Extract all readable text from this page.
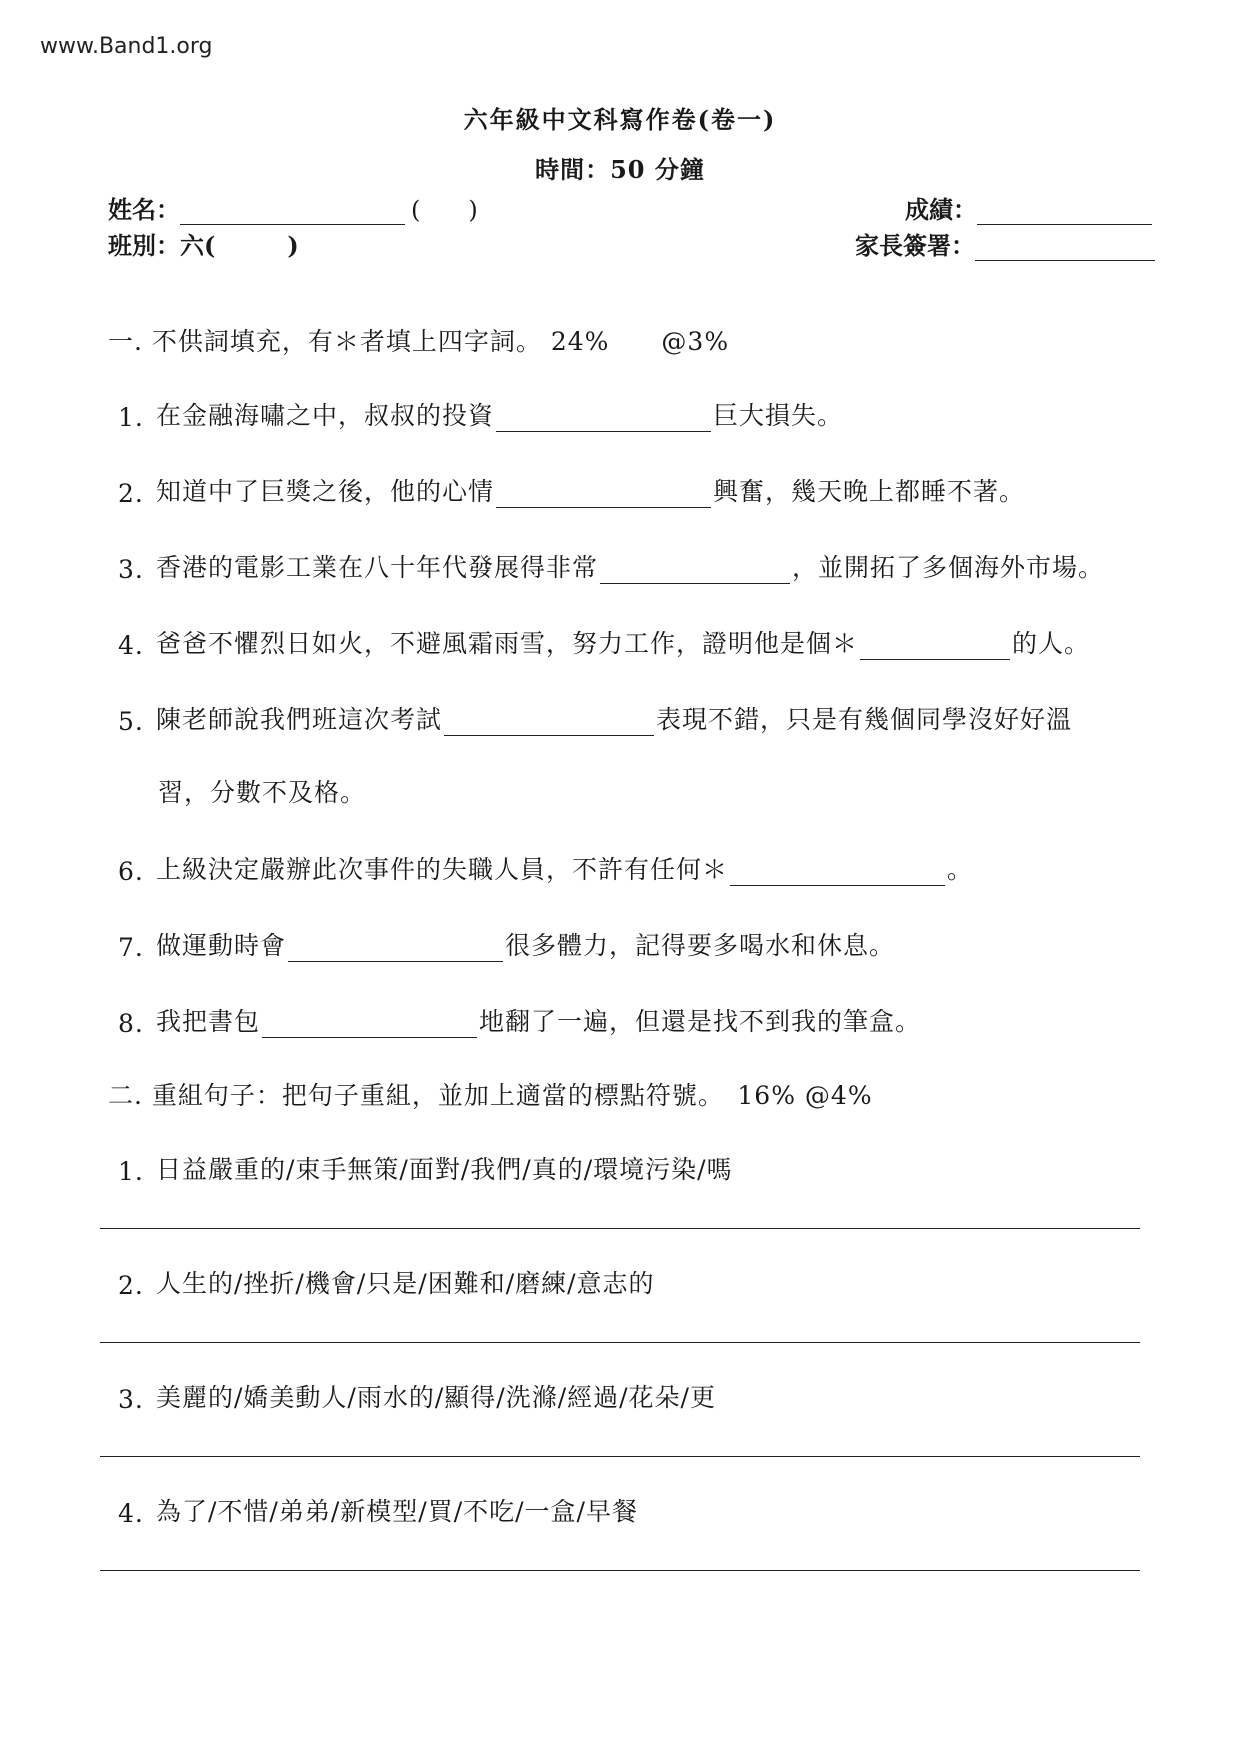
www.Band1.org
六年級中文科寫作卷(卷一)
時間：50 分鐘
姓名：	(　　)
班別：六(　　　)
成績：
家長簽署：
一. 不供詞填充，有＊者填上四字詞。 24%　　@3%
1. 在金融海嘯之中，叔叔的投資	巨大損失。
2. 知道中了巨獎之後，他的心情	興奮，幾天晚上都睡不著。
3. 香港的電影工業在八十年代發展得非常	，並開拓了多個海外市場。
4. 爸爸不懼烈日如火，不避風霜雨雪，努力工作，證明他是個＊	的人。
5. 陳老師說我們班這次考試	表現不錯，只是有幾個同學沒好好溫
習，分數不及格。
6. 上級決定嚴辦此次事件的失職人員，不許有任何＊	。
7. 做運動時會	很多體力，記得要多喝水和休息。
8. 我把書包	地翻了一遍，但還是找不到我的筆盒。
二. 重組句子：把句子重組，並加上適當的標點符號。　16% @4%
1. 日益嚴重的/束手無策/面對/我們/真的/環境污染/嗎
2. 人生的/挫折/機會/只是/困難和/磨練/意志的
3. 美麗的/嬌美動人/雨水的/顯得/洗滌/經過/花朵/更
4. 為了/不惜/弟弟/新模型/買/不吃/一盒/早餐
